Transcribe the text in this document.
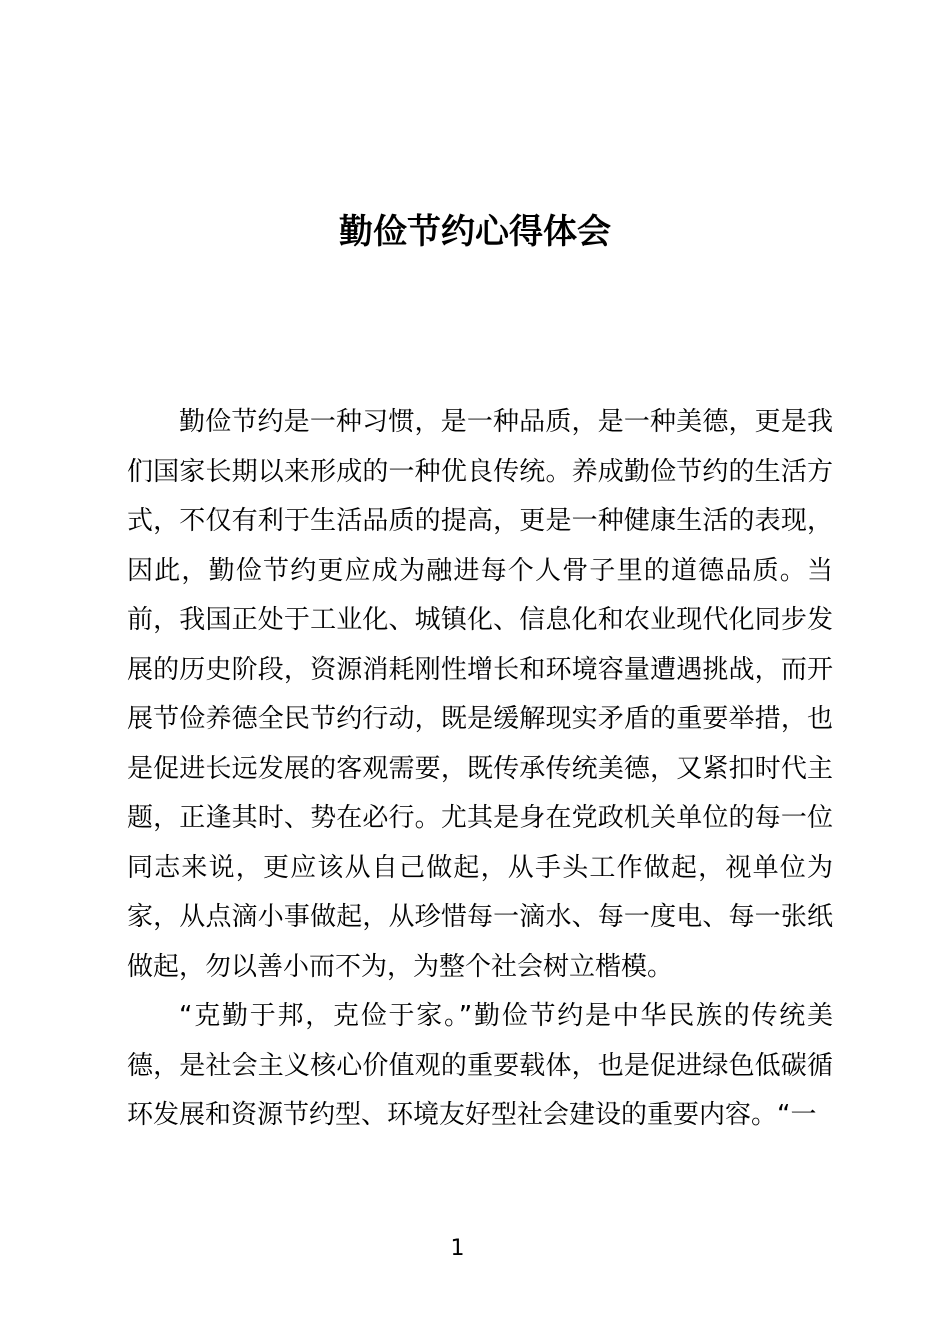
勤俭节约心得体会

勤俭节约是一种习惯，是一种品质，是一种美德，更是我们国家长期以来形成的一种优良传统。养成勤俭节约的生活方式，不仅有利于生活品质的提高，更是一种健康生活的表现，因此，勤俭节约更应成为融进每个人骨子里的道德品质。当前，我国正处于工业化、城镇化、信息化和农业现代化同步发展的历史阶段，资源消耗刚性增长和环境容量遭遇挑战，而开展节俭养德全民节约行动，既是缓解现实矛盾的重要举措，也是促进长远发展的客观需要，既传承传统美德，又紧扣时代主题，正逢其时、势在必行。尤其是身在党政机关单位的每一位同志来说，更应该从自己做起，从手头工作做起，视单位为家，从点滴小事做起，从珍惜每一滴水、每一度电、每一张纸做起，勿以善小而不为，为整个社会树立楷模。

“克勤于邦，克俭于家。”勤俭节约是中华民族的传统美德，是社会主义核心价值观的重要载体，也是促进绿色低碳循环发展和资源节约型、环境友好型社会建设的重要内容。“一

1
